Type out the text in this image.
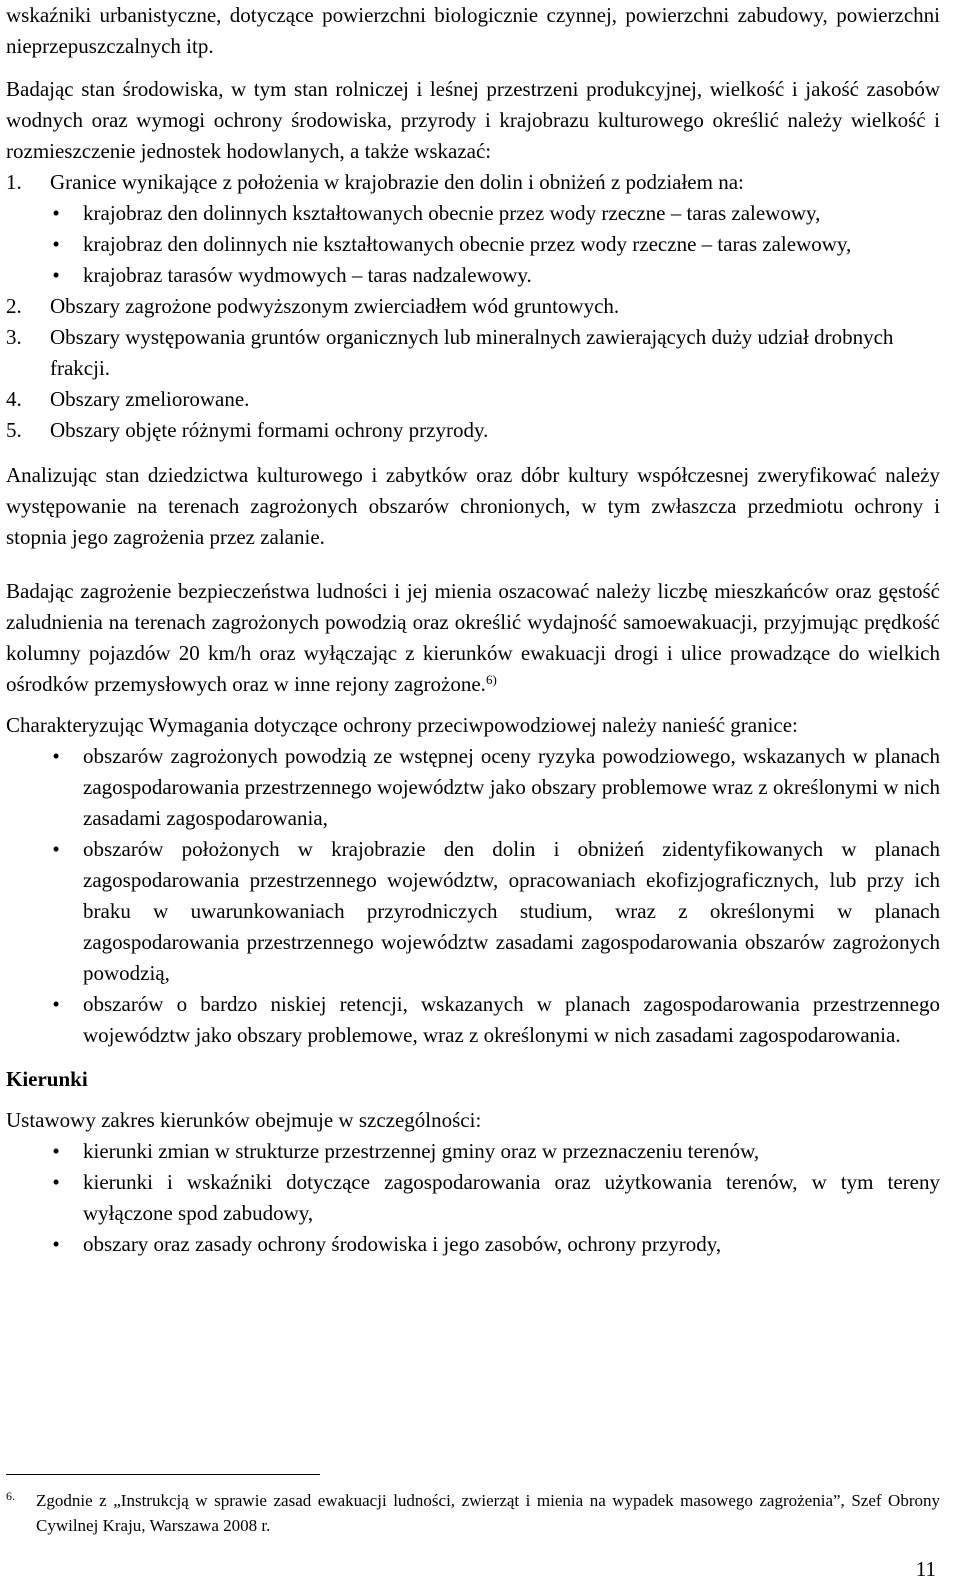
wskaźniki urbanistyczne, dotyczące powierzchni biologicznie czynnej, powierzchni zabudowy, powierzchni nieprzepuszczalnych itp.

Badając stan środowiska, w tym stan rolniczej i leśnej przestrzeni produkcyjnej, wielkość i jakość zasobów wodnych oraz wymogi ochrony środowiska, przyrody i krajobrazu kulturowego określić należy wielkość i rozmieszczenie jednostek hodowlanych, a także wskazać:

1. Granice wynikające z położenia w krajobrazie den dolin i obniżeń z podziałem na:
•	krajobraz den dolinnych kształtowanych obecnie przez wody rzeczne – taras zalewowy,
•	krajobraz den dolinnych nie kształtowanych obecnie przez wody rzeczne – taras zalewowy,
•	krajobraz tarasów wydmowych – taras nadzalewowy.
2. Obszary zagrożone podwyższonym zwierciadłem wód gruntowych.
3. Obszary występowania gruntów organicznych lub mineralnych zawierających duży udział drobnych frakcji.
4. Obszary zmeliorowane.
5. Obszary objęte różnymi formami ochrony przyrody.

Analizując stan dziedzictwa kulturowego i zabytków oraz dóbr kultury współczesnej zweryfikować należy występowanie na terenach zagrożonych obszarów chronionych, w tym zwłaszcza przedmiotu ochrony i stopnia jego zagrożenia przez zalanie.

Badając zagrożenie bezpieczeństwa ludności i jej mienia oszacować należy liczbę mieszkańców oraz gęstość zaludnienia na terenach zagrożonych powodzią oraz określić wydajność samoewakuacji, przyjmując prędkość kolumny pojazdów 20 km/h oraz wyłączając z kierunków ewakuacji drogi i ulice prowadzące do wielkich ośrodków przemysłowych oraz w inne rejony zagrożone.$^{6)}$

Charakteryzując Wymagania dotyczące ochrony przeciwpowodziowej należy nanieść granice:

•	obszarów zagrożonych powodzią ze wstępnej oceny ryzyka powodziowego, wskazanych w planach zagospodarowania przestrzennego województw jako obszary problemowe wraz z określonymi w nich zasadami zagospodarowania,
•	obszarów położonych w krajobrazie den dolin i obniżeń zidentyfikowanych w planach zagospodarowania przestrzennego województw, opracowaniach ekofizjograficznych, lub przy ich braku w uwarunkowaniach przyrodniczych studium, wraz z określonymi w planach zagospodarowania przestrzennego województw zasadami zagospodarowania obszarów zagrożonych powodzią,
•	obszarów o bardzo niskiej retencji, wskazanych w planach zagospodarowania przestrzennego województw jako obszary problemowe, wraz z określonymi w nich zasadami zagospodarowania.

Kierunki

Ustawowy zakres kierunków obejmuje w szczególności:

•	kierunki zmian w strukturze przestrzennej gminy oraz w przeznaczeniu terenów,
•	kierunki i wskaźniki dotyczące zagospodarowania oraz użytkowania terenów, w tym tereny wyłączone spod zabudowy,
•	obszary oraz zasady ochrony środowiska i jego zasobów, ochrony przyrody,
6.	Zgodnie z „Instrukcją w sprawie zasad ewakuacji ludności, zwierząt i mienia na wypadek masowego zagrożenia”, Szef Obrony Cywilnej Kraju, Warszawa 2008 r.

11
